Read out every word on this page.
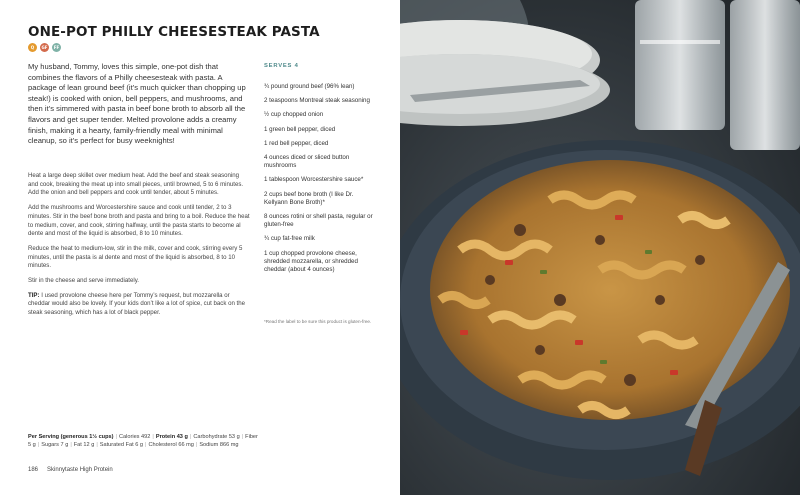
ONE-POT PHILLY CHEESESTEAK PASTA
Q	GF	FF

My husband, Tommy, loves this simple, one-pot dish that combines the flavors of a Philly cheesesteak with pasta. A package of lean ground beef (it’s much quicker than chopping up steak!) is cooked with onion, bell peppers, and mushrooms, and then it’s simmered with pasta in beef bone broth to absorb all the flavors and get super tender. Melted provolone adds a creamy finish, making it a hearty, family-friendly meal with minimal cleanup, so it’s perfect for busy weeknights!

Heat a large deep skillet over medium heat. Add the beef and steak seasoning and cook, breaking the meat up into small pieces, until browned, 5 to 6 minutes. Add the onion and bell peppers and cook until tender, about 5 minutes.

Add the mushrooms and Worcestershire sauce and cook until tender, 2 to 3 minutes. Stir in the beef bone broth and pasta and bring to a boil. Reduce the heat to medium, cover, and cook, stirring halfway, until the pasta starts to become al dente and most of the liquid is absorbed, 8 to 10 minutes.

Reduce the heat to medium-low, stir in the milk, cover and cook, stirring every 5 minutes, until the pasta is al dente and most of the liquid is absorbed, 8 to 10 minutes.

Stir in the cheese and serve immediately.

TIP: I used provolone cheese here per Tommy’s request, but mozzarella or cheddar would also be lovely. If your kids don’t like a lot of spice, cut back on the steak seasoning, which has a lot of black pepper.

SERVES 4
¾ pound ground beef (96% lean)
2 teaspoons Montreal steak seasoning
½ cup chopped onion
1 green bell pepper, diced
1 red bell pepper, diced
4 ounces diced or sliced button mushrooms
1 tablespoon Worcestershire sauce*
2 cups beef bone broth (I like Dr. Kellyann Bone Broth)*
8 ounces rotini or shell pasta, regular or gluten-free
¾ cup fat-free milk
1 cup chopped provolone cheese, shredded mozzarella, or shredded cheddar (about 4 ounces)
*Read the label to be sure this product is gluten-free.
Per Serving (generous 1½ cups) | Calories 492 | Protein 43 g | Carbohydrate 53 g | Fiber 5 g | Sugars 7 g | Fat 12 g | Saturated Fat 6 g | Cholesterol 66 mg | Sodium 866 mg
186 Skinnytaste High Protein
